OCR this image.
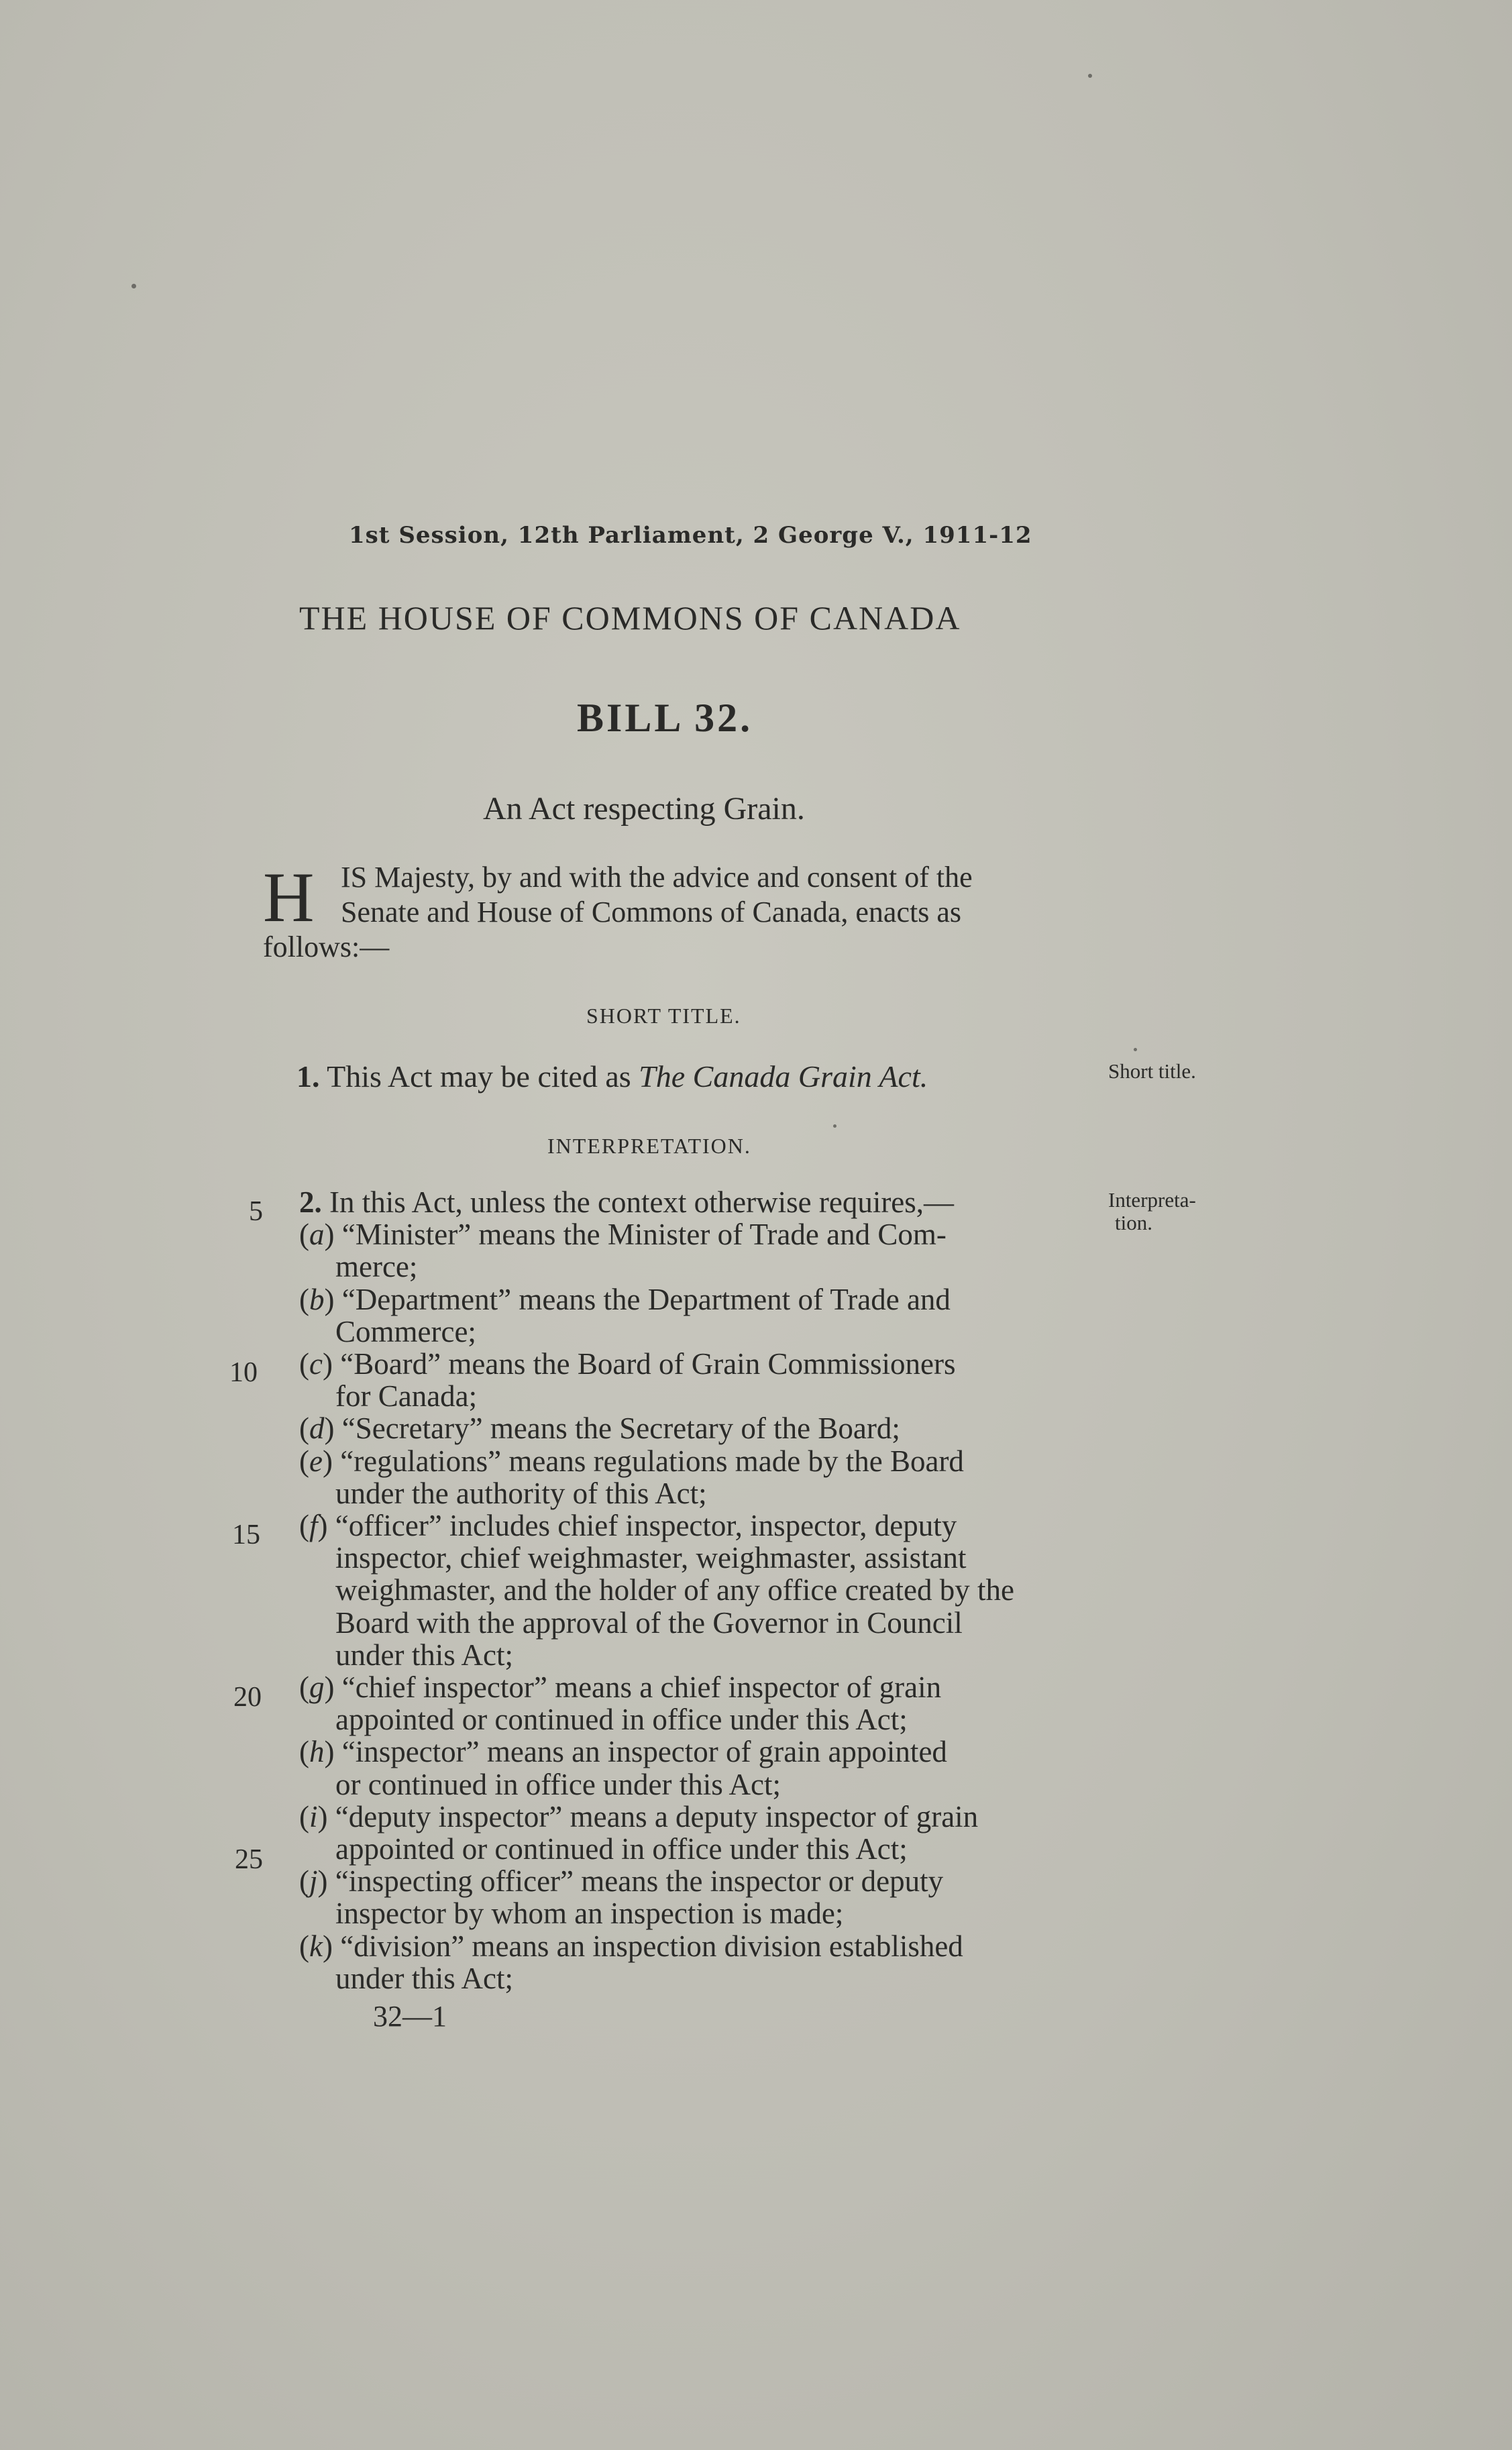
1st Session, 12th Parliament, 2 George V., 1911-12
THE HOUSE OF COMMONS OF CANADA
BILL 32.
An Act respecting Grain.
H IS Majesty, by and with the advice and consent of the
Senate and House of Commons of Canada, enacts as
follows:—
SHORT TITLE.
1. This Act may be cited as The Canada Grain Act.	Short title.
INTERPRETATION.
Interpreta-
tion.
5
10
15
20
25
2. In this Act, unless the context otherwise requires,—
(a) “Minister” means the Minister of Trade and Com-
merce;
(b) “Department” means the Department of Trade and
Commerce;
(c) “Board” means the Board of Grain Commissioners
for Canada;
(d) “Secretary” means the Secretary of the Board;
(e) “regulations” means regulations made by the Board
under the authority of this Act;
(f) “officer” includes chief inspector, inspector, deputy
inspector, chief weighmaster, weighmaster, assistant
weighmaster, and the holder of any office created by the
Board with the approval of the Governor in Council
under this Act;
(g) “chief inspector” means a chief inspector of grain
appointed or continued in office under this Act;
(h) “inspector” means an inspector of grain appointed
or continued in office under this Act;
(i) “deputy inspector” means a deputy inspector of grain
appointed or continued in office under this Act;
(j) “inspecting officer” means the inspector or deputy
inspector by whom an inspection is made;
(k) “division” means an inspection division established
under this Act;
32—1
